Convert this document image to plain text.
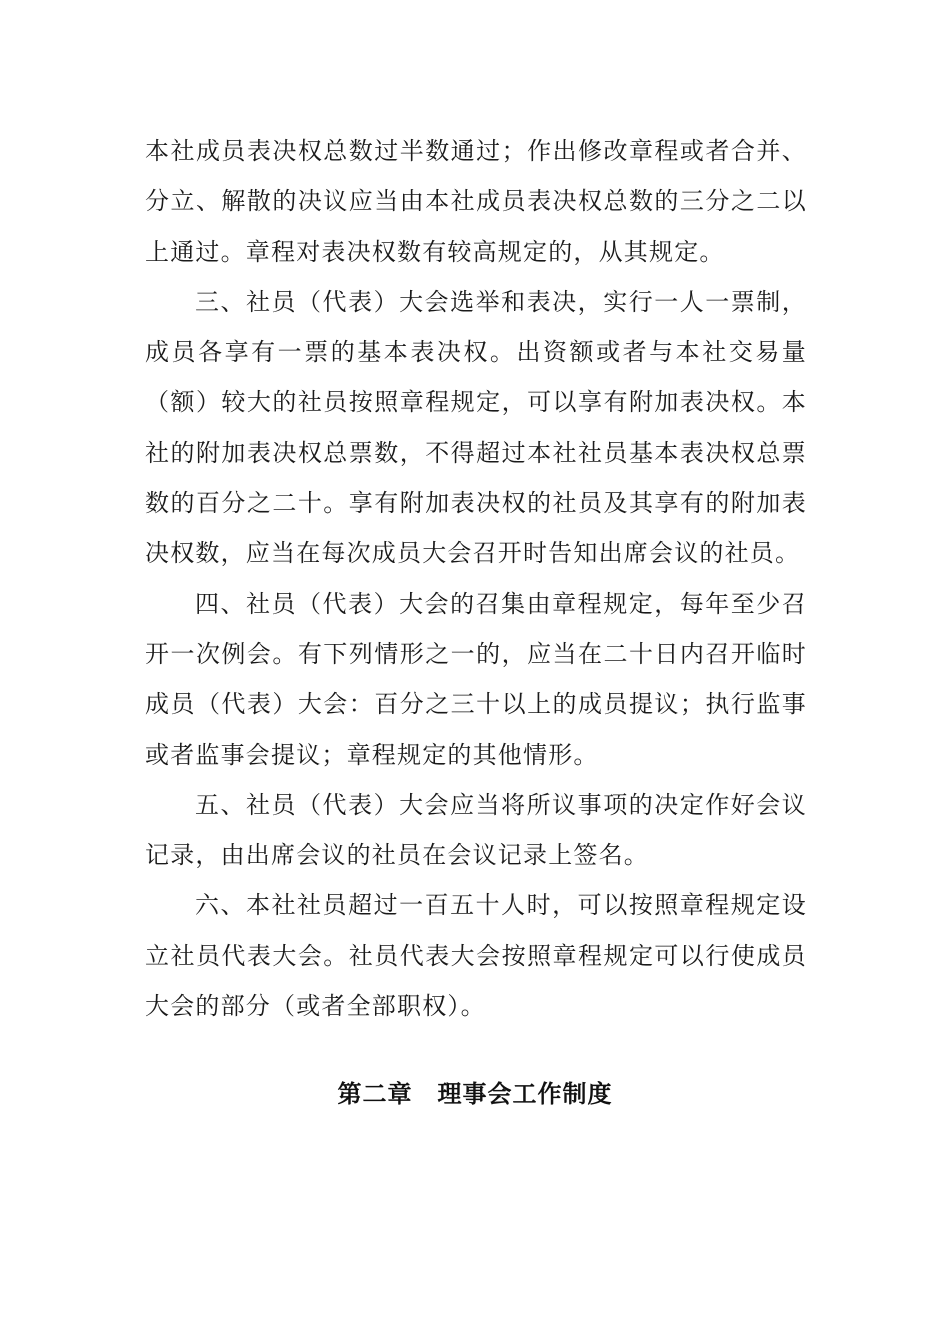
本社成员表决权总数过半数通过；作出修改章程或者合并、分立、解散的决议应当由本社成员表决权总数的三分之二以上通过。章程对表决权数有较高规定的，从其规定。

三、社员（代表）大会选举和表决，实行一人一票制，成员各享有一票的基本表决权。出资额或者与本社交易量（额）较大的社员按照章程规定，可以享有附加表决权。本社的附加表决权总票数，不得超过本社社员基本表决权总票数的百分之二十。享有附加表决权的社员及其享有的附加表决权数，应当在每次成员大会召开时告知出席会议的社员。

四、社员（代表）大会的召集由章程规定，每年至少召开一次例会。有下列情形之一的，应当在二十日内召开临时成员（代表）大会：百分之三十以上的成员提议；执行监事或者监事会提议；章程规定的其他情形。

五、社员（代表）大会应当将所议事项的决定作好会议记录，由出席会议的社员在会议记录上签名。

六、本社社员超过一百五十人时，可以按照章程规定设立社员代表大会。社员代表大会按照章程规定可以行使成员大会的部分（或者全部职权）。

第二章　理事会工作制度
